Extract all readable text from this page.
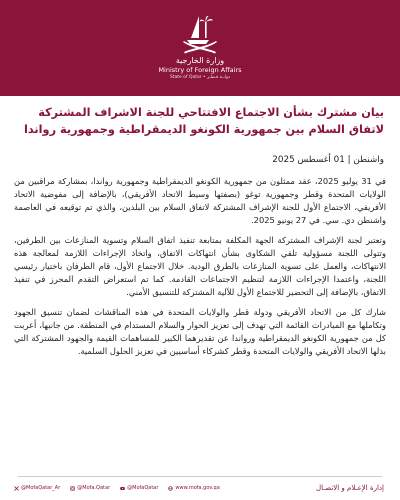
وزارة الخارجية
Ministry of Foreign Affairs
State of Qatar • دولــة قـطـر
بيان مشترك بشأن الاجتماع الافتتاحي للجنة الاشراف المشتركة لاتفاق السلام بين جمهورية الكونغو الديمقراطية وجمهورية رواندا
واشنطن | 01 أغسطس 2025

في 31 يوليو 2025، عقد ممثلون من جمهورية الكونغو الديمقراطية وجمهورية رواندا، بمشاركة مراقبين من الولايات المتحدة وقطر وجمهورية توغو (بصفتها وسيط الاتحاد الأفريقي)، بالإضافة إلى مفوضية الاتحاد الأفريقي، الاجتماع الأول للجنة الإشراف المشتركة لاتفاق السلام بين البلدين، والذي تم توقيعه في العاصمة واشنطن دي. سي. في 27 يونيو 2025.

وتعتبر لجنة الإشراف المشتركة الجهة المكلفة بمتابعة تنفيذ اتفاق السلام وتسوية المنازعات بين الطرفين، وتتولى اللجنة مسؤولية تلقي الشكاوى بشأن انتهاكات الاتفاق، واتخاذ الإجراءات اللازمة لمعالجة هذه الانتهاكات، والعمل على تسوية المنازعات بالطرق الودية. خلال الاجتماع الأول، قام الطرفان باختيار رئيسي اللجنة، واعتمدا الإجراءات اللازمة لتنظيم الاجتماعات القادمة. كما تم استعراض التقدم المحرز في تنفيذ الاتفاق، بالإضافة إلى التحضير للاجتماع الأول للآلية المشتركة للتنسيق الأمني.

شارك كل من الاتحاد الأفريقي ودولة قطر والولايات المتحدة في هذه المناقشات لضمان تنسيق الجهود وتكاملها مع المبادرات القائمة التي تهدف إلى تعزيز الحوار والسلام المستدام في المنطقة. من جانبها، أعربت كل من جمهورية الكونغو الديمقراطية ورواندا عن تقديرهما الكبير للمساهمات القيمة والجهود المشتركة التي بذلها الاتحاد الأفريقي والولايات المتحدة وقطر كشركاء أساسيين في تعزيز الحلول السلمية.

@MofaQatar_Ar	@Mofa.Qatar	@MofaQatar	www.mofa.gov.qa	إدارة الإعـلام و الاتصـال
